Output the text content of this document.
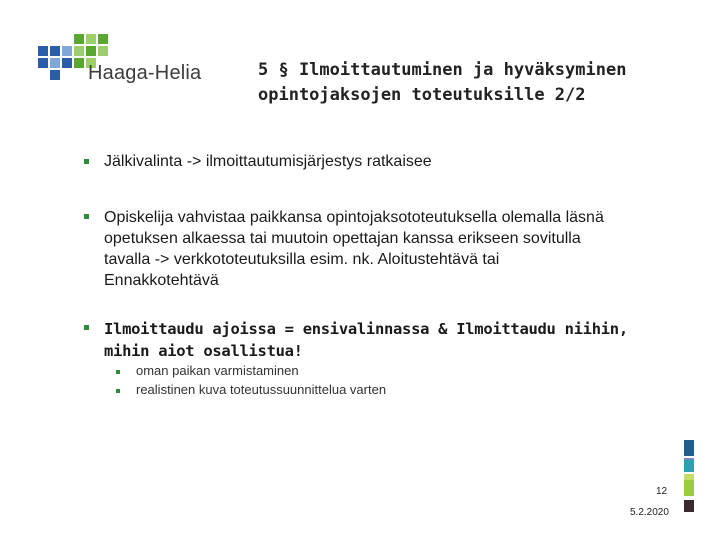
Haaga-Helia	5 § Ilmoittautuminen ja hyväksyminen
opintojaksojen toteutuksille 2/2
Jälkivalinta -> ilmoittautumisjärjestys ratkaisee
Opiskelija vahvistaa paikkansa opintojaksototeutuksella olemalla läsnä
opetuksen alkaessa tai muutoin opettajan kanssa erikseen sovitulla
tavalla -> verkkototeutuksilla esim. nk. Aloitustehtävä tai
Ennakkotehtävä
Ilmoittaudu ajoissa = ensivalinnassa & Ilmoittaudu niihin,
mihin aiot osallistua!
oman paikan varmistaminen
realistinen kuva toteutussuunnittelua varten
12
5.2.2020
